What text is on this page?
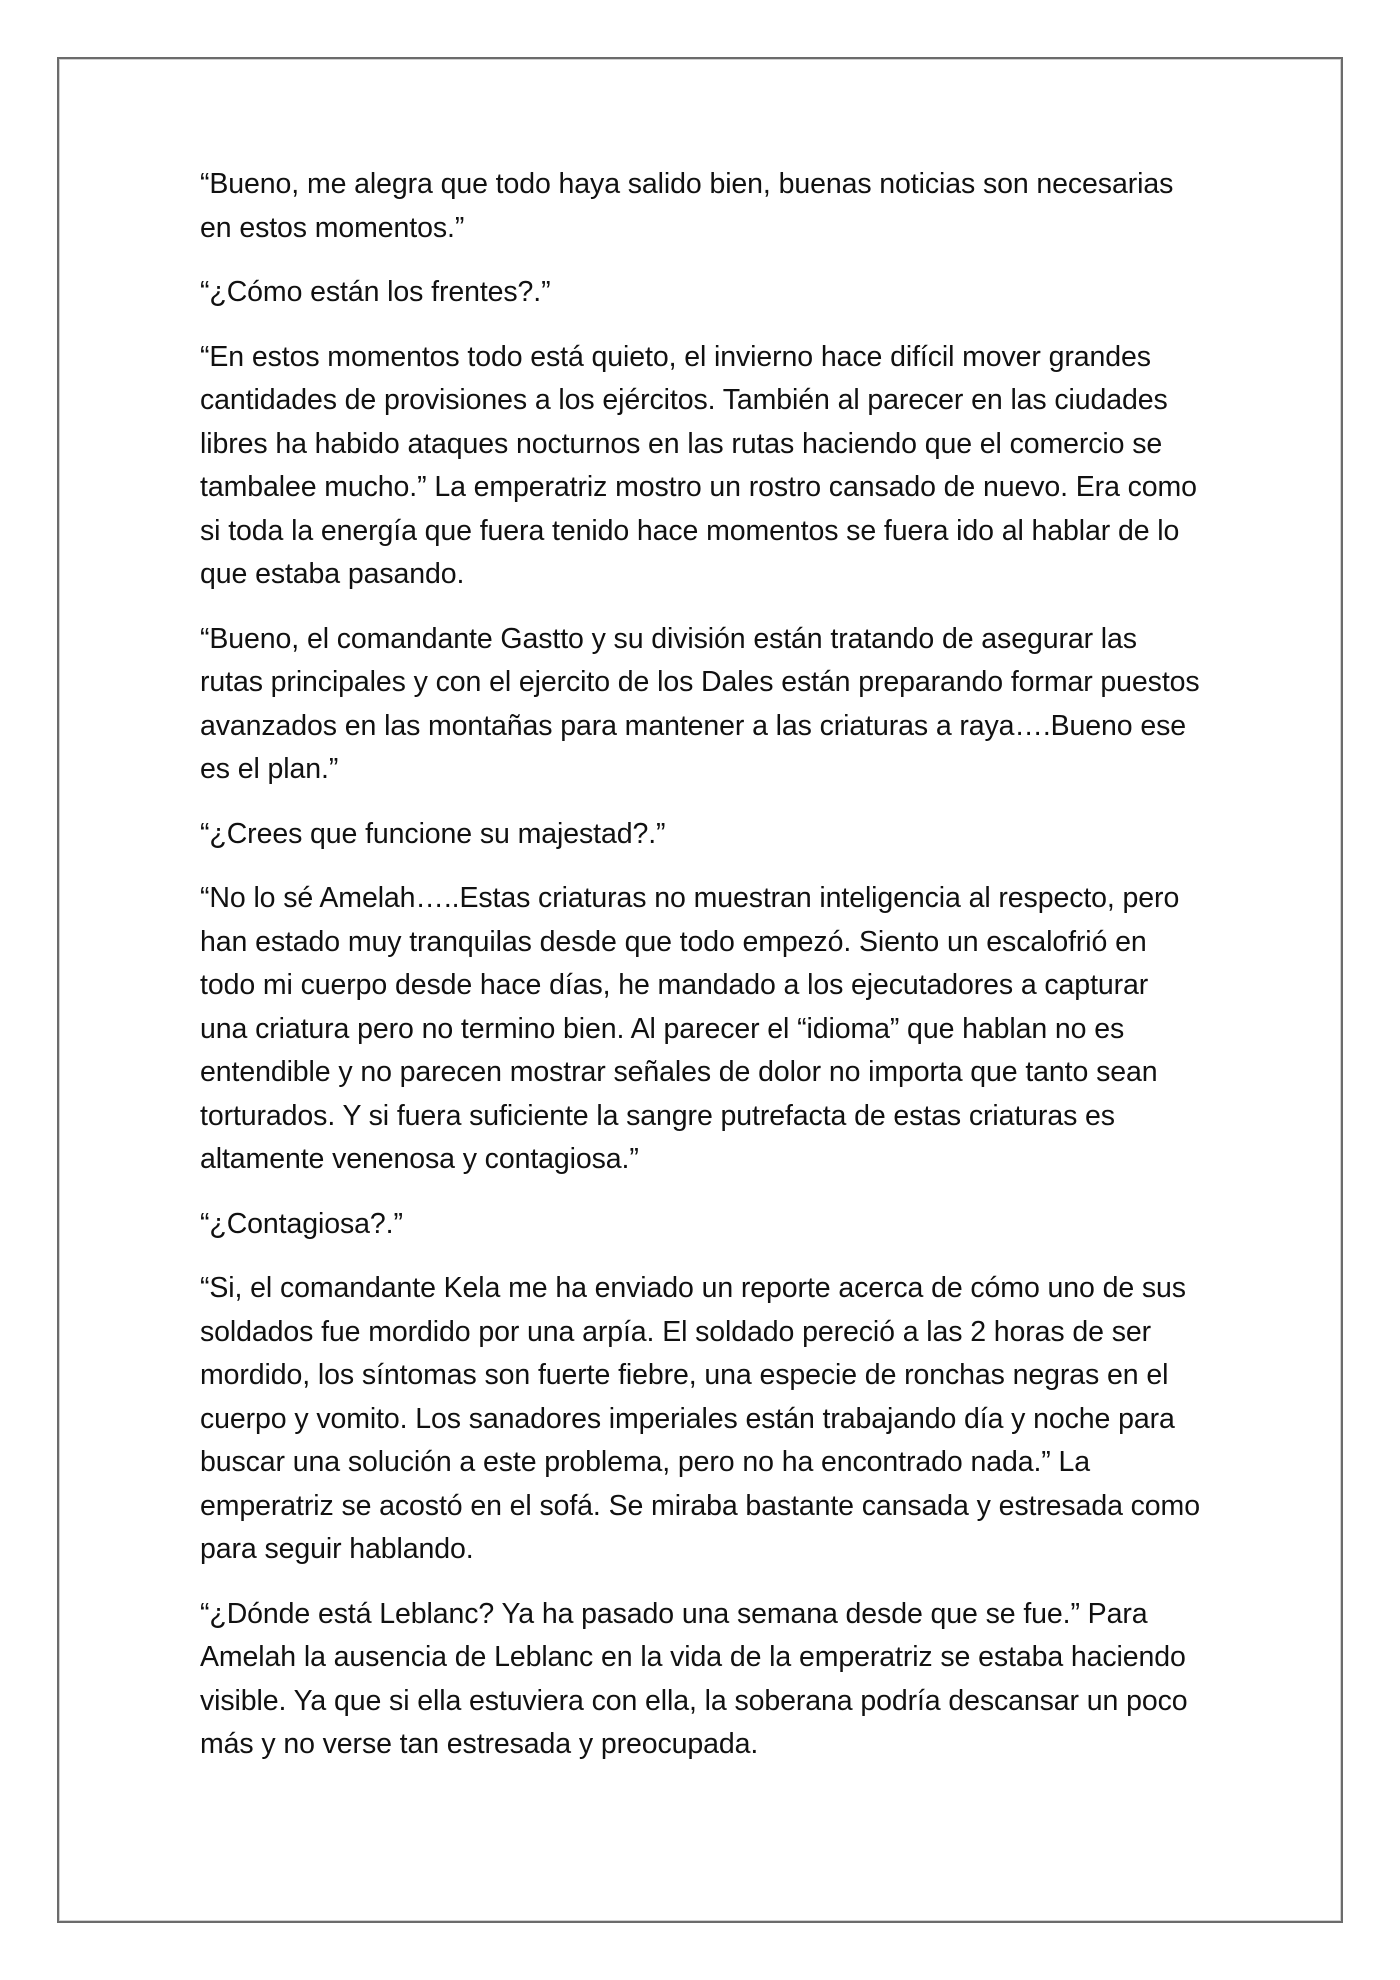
“Bueno, me alegra que todo haya salido bien, buenas noticias son necesarias en estos momentos.”

“¿Cómo están los frentes?.”

“En estos momentos todo está quieto, el invierno hace difícil mover grandes cantidades de provisiones a los ejércitos. También al parecer en las ciudades libres ha habido ataques nocturnos en las rutas haciendo que el comercio se tambalee mucho.” La emperatriz mostro un rostro cansado de nuevo. Era como si toda la energía que fuera tenido hace momentos se fuera ido al hablar de lo que estaba pasando.

“Bueno, el comandante Gastto y su división están tratando de asegurar las rutas principales y con el ejercito de los Dales están preparando formar puestos avanzados en las montañas para mantener a las criaturas a raya….Bueno ese es el plan.”

“¿Crees que funcione su majestad?.”

“No lo sé Amelah…..Estas criaturas no muestran inteligencia al respecto, pero han estado muy tranquilas desde que todo empezó. Siento un escalofrió en todo mi cuerpo desde hace días, he mandado a los ejecutadores a capturar una criatura pero no termino bien. Al parecer el “idioma” que hablan no es entendible y no parecen mostrar señales de dolor no importa que tanto sean torturados. Y si fuera suficiente la sangre putrefacta de estas criaturas es altamente venenosa y contagiosa.”

“¿Contagiosa?.”

“Si, el comandante Kela me ha enviado un reporte acerca de cómo uno de sus soldados fue mordido por una arpía. El soldado pereció a las 2 horas de ser mordido, los síntomas son fuerte fiebre, una especie de ronchas negras en el cuerpo y vomito. Los sanadores imperiales están trabajando día y noche para buscar una solución a este problema, pero no ha encontrado nada.” La emperatriz se acostó en el sofá. Se miraba bastante cansada y estresada como para seguir hablando.

“¿Dónde está Leblanc? Ya ha pasado una semana desde que se fue.” Para Amelah la ausencia de Leblanc en la vida de la emperatriz se estaba haciendo visible. Ya que si ella estuviera con ella, la soberana podría descansar un poco más y no verse tan estresada y preocupada.
